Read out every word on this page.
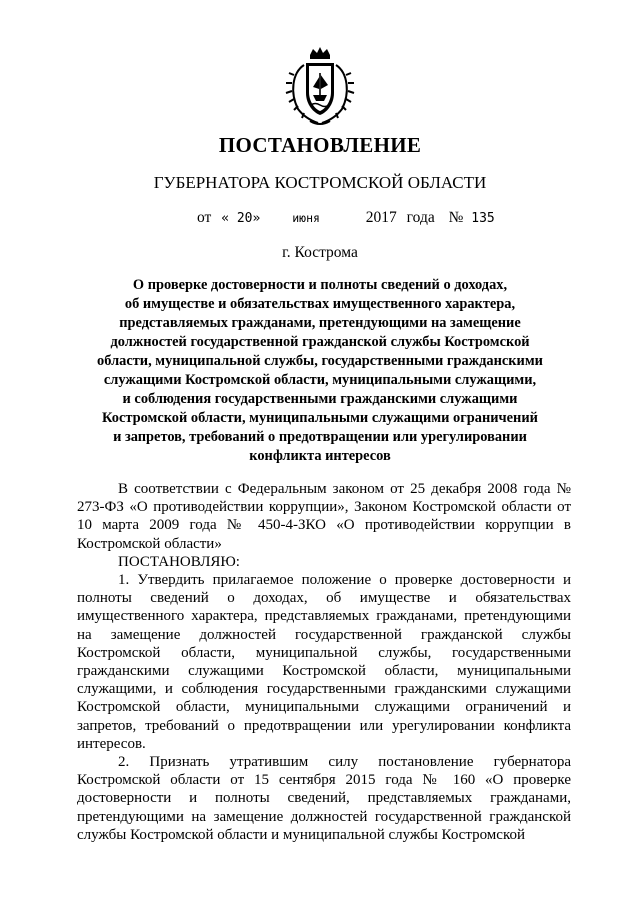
ПОСТАНОВЛЕНИЕ
ГУБЕРНАТОРА КОСТРОМСКОЙ ОБЛАСТИ
от « 20»	июня	2017 года № 135
г. Кострома
О проверке достоверности и полноты сведений о доходах,
об имуществе и обязательствах имущественного характера,
представляемых гражданами, претендующими на замещение
должностей государственной гражданской службы Костромской
области, муниципальной службы, государственными гражданскими
служащими Костромской области, муниципальными служащими,
и соблюдения государственными гражданскими служащими
Костромской области, муниципальными служащими ограничений
и запретов, требований о предотвращении или урегулировании
конфликта интересов

В соответствии с Федеральным законом от 25 декабря 2008 года № 273-ФЗ «О противодействии коррупции», Законом Костромской области от 10 марта 2009 года № 450-4-ЗКО «О противодействии коррупции в Костромской области»

ПОСТАНОВЛЯЮ:

1. Утвердить прилагаемое положение о проверке достоверности и полноты сведений о доходах, об имуществе и обязательствах имущественного характера, представляемых гражданами, претендующими на замещение должностей государственной гражданской службы Костромской области, муниципальной службы, государственными гражданскими служащими Костромской области, муниципальными служащими, и соблюдения государственными гражданскими служащими Костромской области, муниципальными служащими ограничений и запретов, требований о предотвращении или урегулировании конфликта интересов.

2. Признать утратившим силу постановление губернатора Костромской области от 15 сентября 2015 года № 160 «О проверке достоверности и полноты сведений, представляемых гражданами, претендующими на замещение должностей государственной гражданской службы Костромской области и муниципальной службы Костромской
